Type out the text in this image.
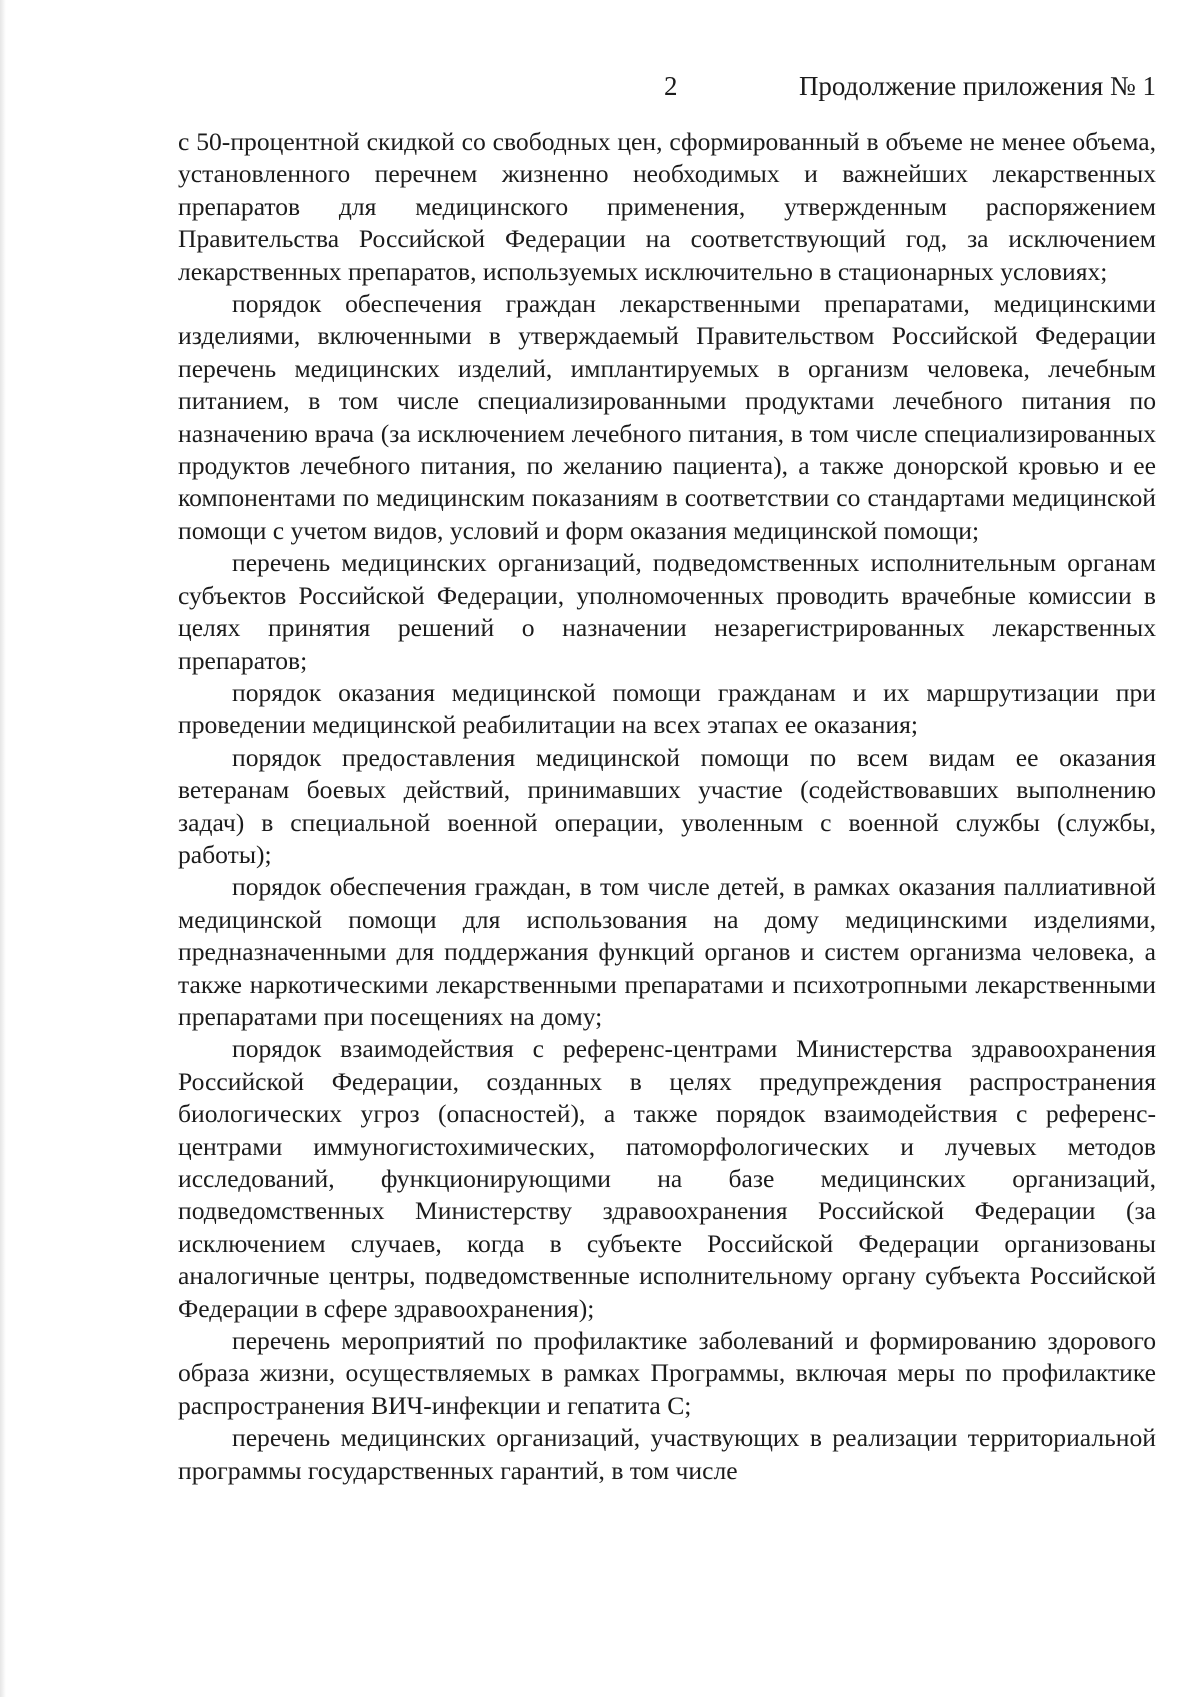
2	Продолжение приложения № 1

с 50-процентной скидкой со свободных цен, сформированный в объеме не менее объема, установленного перечнем жизненно необходимых и важнейших лекарственных препаратов для медицинского применения, утвержденным распоряжением Правительства Российской Федерации на соответствующий год, за исключением лекарственных препаратов, используемых исключительно в стационарных условиях;

порядок обеспечения граждан лекарственными препаратами, медицинскими изделиями, включенными в утверждаемый Правительством Российской Федерации перечень медицинских изделий, имплантируемых в организм человека, лечебным питанием, в том числе специализированными продуктами лечебного питания по назначению врача (за исключением лечебного питания, в том числе специализированных продуктов лечебного питания, по желанию пациента), а также донорской кровью и ее компонентами по медицинским показаниям в соответствии со стандартами медицинской помощи с учетом видов, условий и форм оказания медицинской помощи;

перечень медицинских организаций, подведомственных исполнительным органам субъектов Российской Федерации, уполномоченных проводить врачебные комиссии в целях принятия решений о назначении незарегистрированных лекарственных препаратов;

порядок оказания медицинской помощи гражданам и их маршрутизации при проведении медицинской реабилитации на всех этапах ее оказания;

порядок предоставления медицинской помощи по всем видам ее оказания ветеранам боевых действий, принимавших участие (содействовавших выполнению задач) в специальной военной операции, уволенным с военной службы (службы, работы);

порядок обеспечения граждан, в том числе детей, в рамках оказания паллиативной медицинской помощи для использования на дому медицинскими изделиями, предназначенными для поддержания функций органов и систем организма человека, а также наркотическими лекарственными препаратами и психотропными лекарственными препаратами при посещениях на дому;

порядок взаимодействия с референс-центрами Министерства здравоохранения Российской Федерации, созданных в целях предупреждения распространения биологических угроз (опасностей), а также порядок взаимодействия с референс-центрами иммуногистохимических, патоморфологических и лучевых методов исследований, функционирующими на базе медицинских организаций, подведомственных Министерству здравоохранения Российской Федерации (за исключением случаев, когда в субъекте Российской Федерации организованы аналогичные центры, подведомственные исполнительному органу субъекта Российской Федерации в сфере здравоохранения);

перечень мероприятий по профилактике заболеваний и формированию здорового образа жизни, осуществляемых в рамках Программы, включая меры по профилактике распространения ВИЧ-инфекции и гепатита С;

перечень медицинских организаций, участвующих в реализации территориальной программы государственных гарантий, в том числе
